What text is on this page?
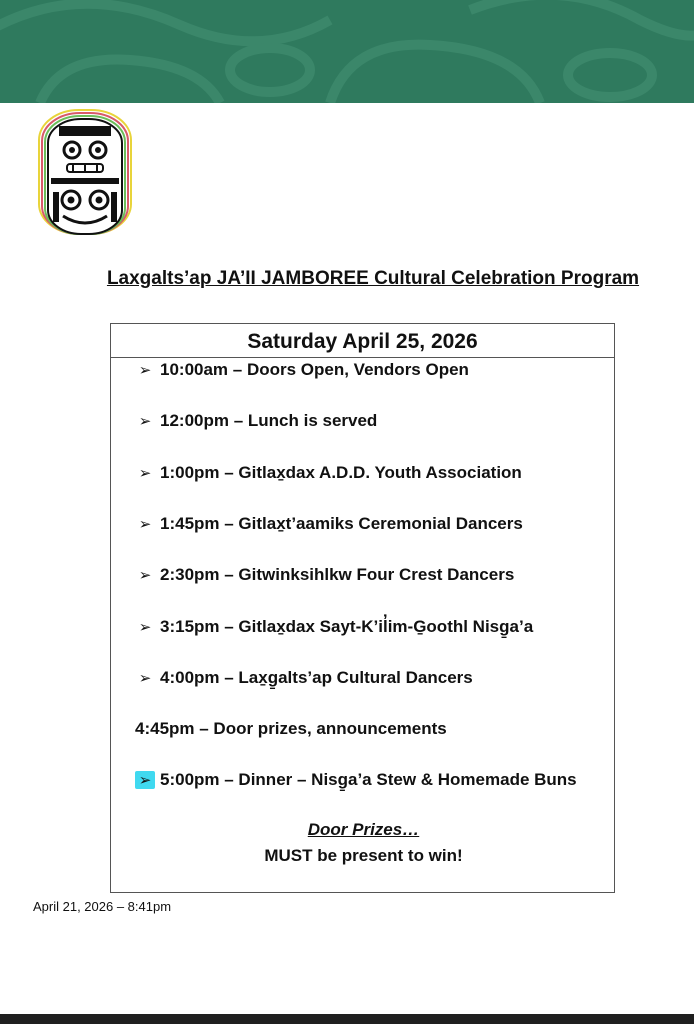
Laxgalts’ap JA’II JAMBOREE Cultural Celebration Program
Saturday April 25, 2026
➢ 10:00am – Doors Open, Vendors Open
➢ 12:00pm – Lunch is served
➢ 1:00pm – Gitlax̱dax A.D.D. Youth Association
➢ 1:45pm – Gitlax̱t’aamiks Ceremonial Dancers
➢ 2:30pm – Gitwinksihlkw Four Crest Dancers
➢ 3:15pm – Gitlax̱dax Sayt-K’il̓im-G̱oothl Nisg̱a’a
➢ 4:00pm – Lax̱g̱alts’ap Cultural Dancers
4:45pm – Door prizes, announcements
➢ 5:00pm – Dinner – Nisg̱a’a Stew & Homemade Buns
Door Prizes…
MUST be present to win!
April 21, 2026 – 8:41pm
